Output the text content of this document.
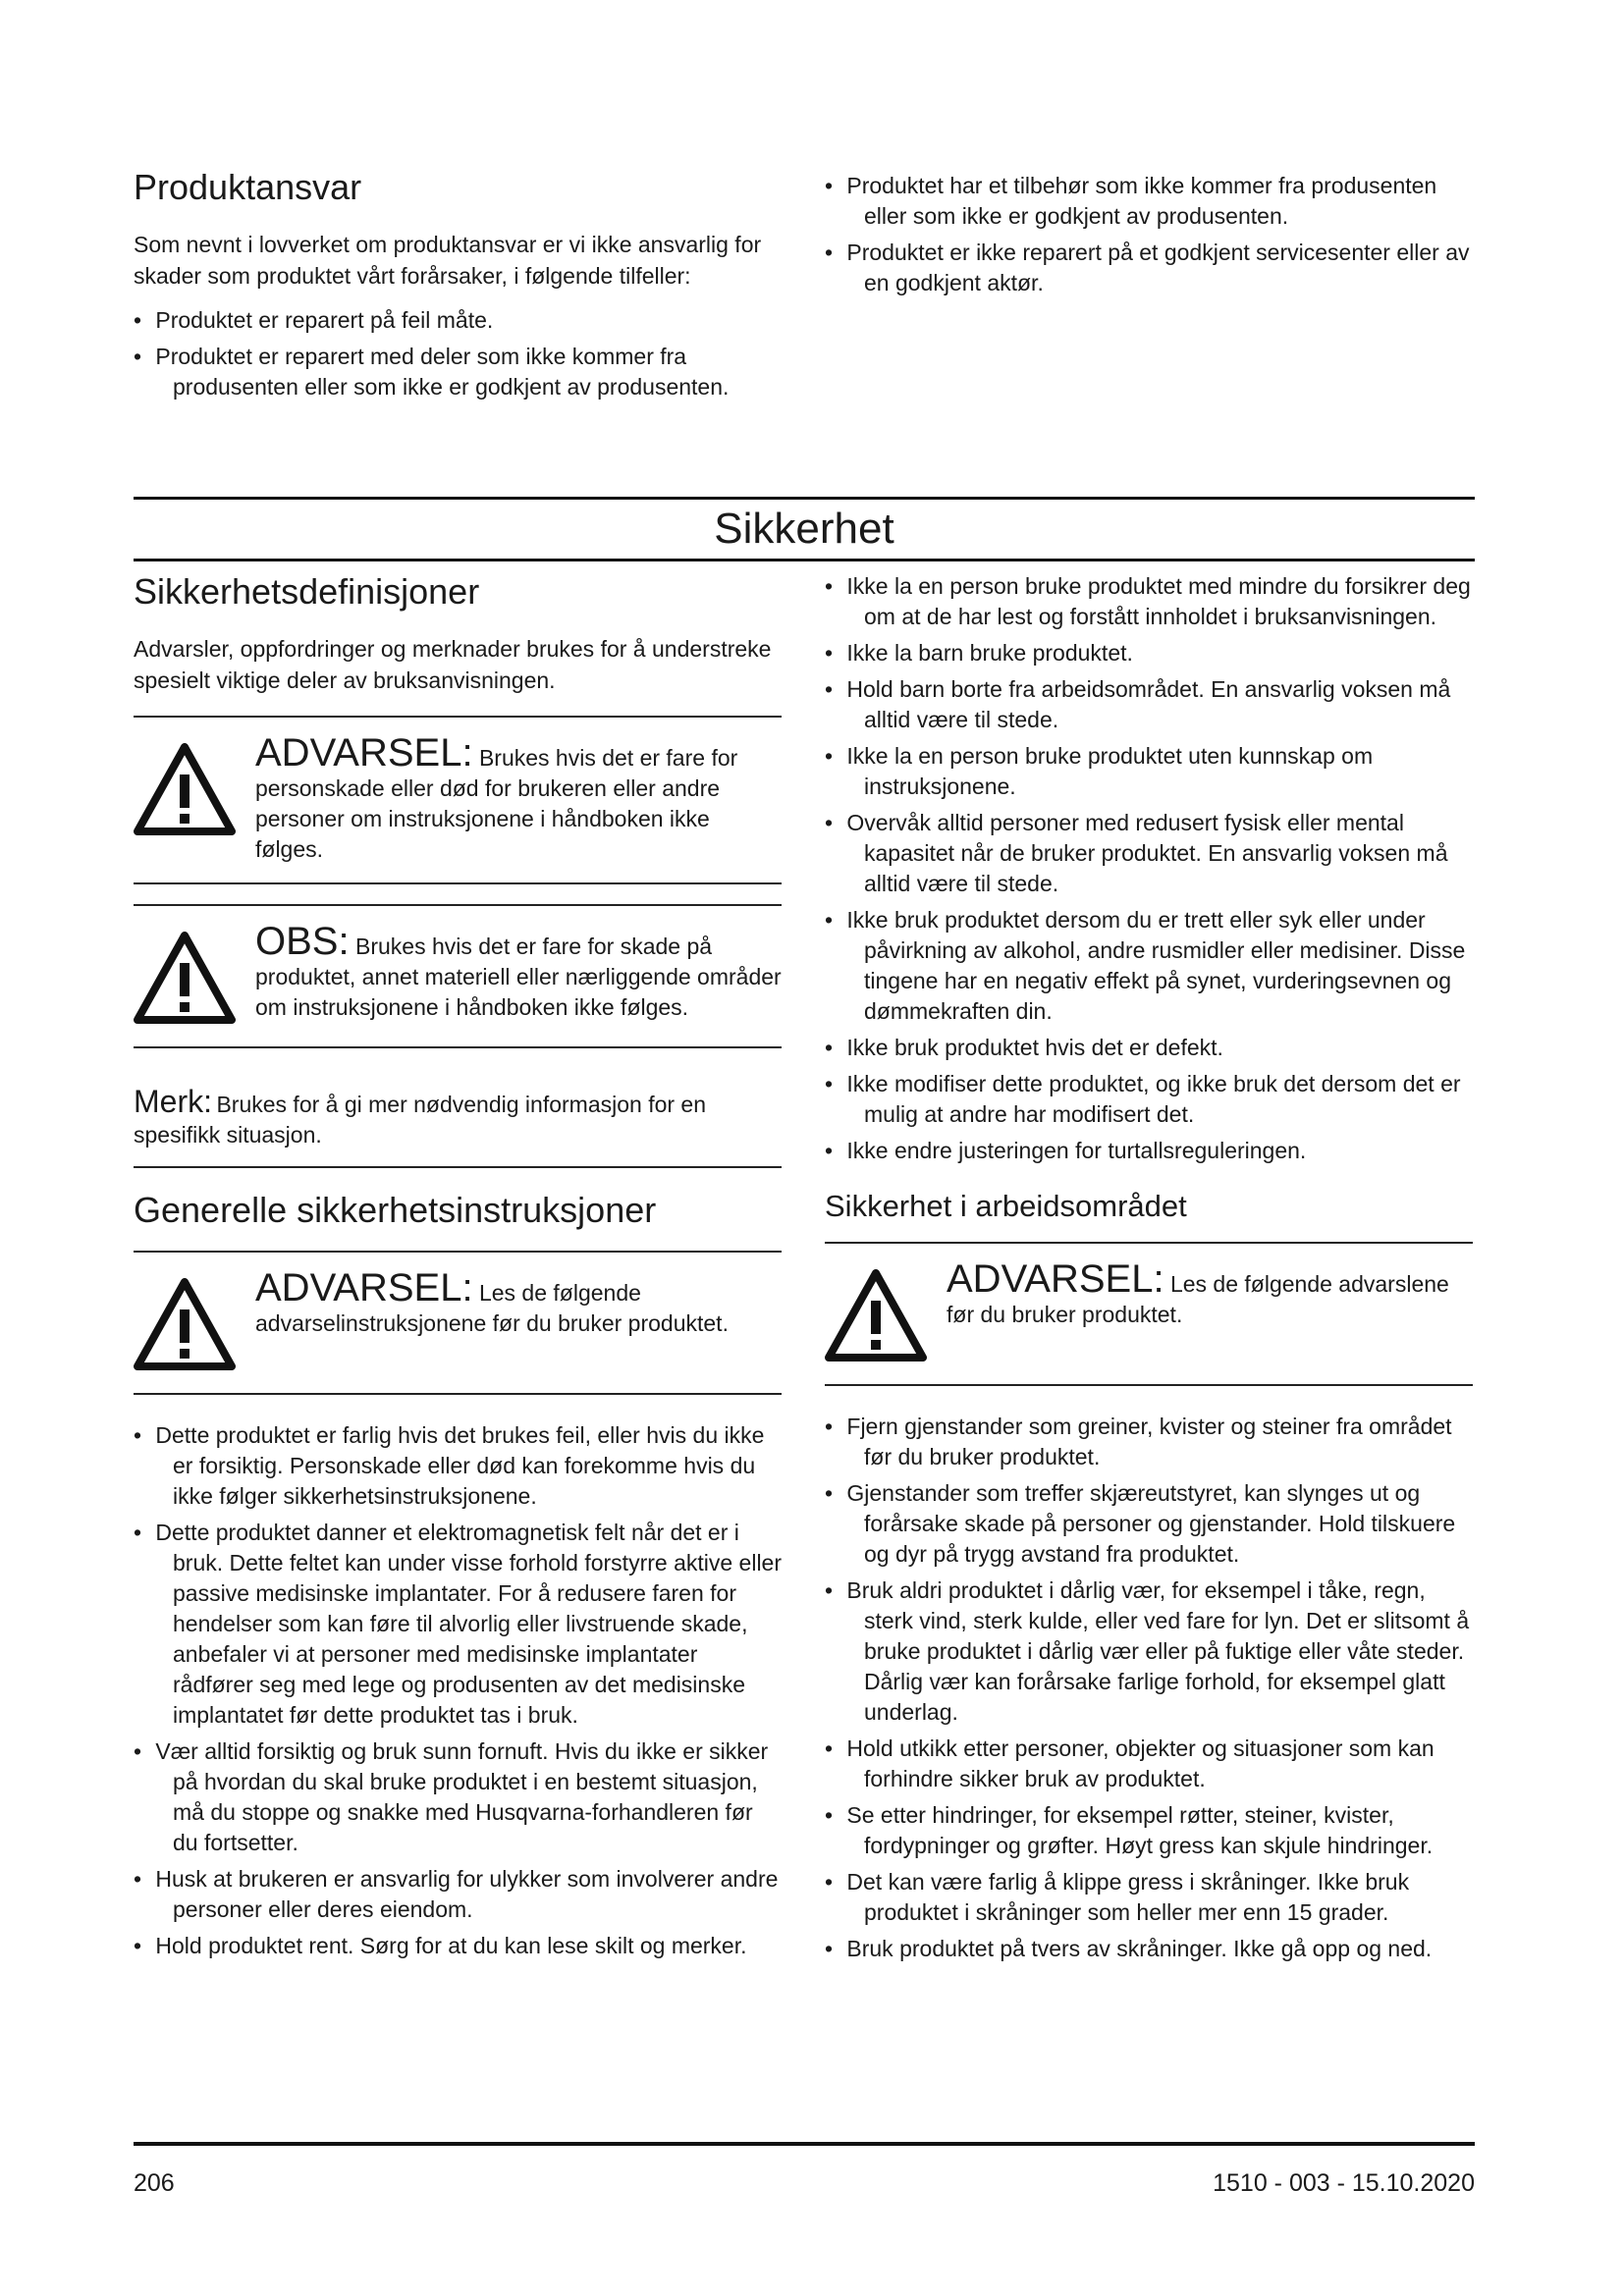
Produktansvar

Som nevnt i lovverket om produktansvar er vi ikke ansvarlig for skader som produktet vårt forårsaker, i følgende tilfeller:

• Produktet er reparert på feil måte.
• Produktet er reparert med deler som ikke kommer fra produsenten eller som ikke er godkjent av produsenten.
• Produktet har et tilbehør som ikke kommer fra produsenten eller som ikke er godkjent av produsenten.
• Produktet er ikke reparert på et godkjent servicesenter eller av en godkjent aktør.
Sikkerhet
Sikkerhetsdefinisjoner

Advarsler, oppfordringer og merknader brukes for å understreke spesielt viktige deler av bruksanvisningen.

ADVARSEL: Brukes hvis det er fare for personskade eller død for brukeren eller andre personer om instruksjonene i håndboken ikke følges.
OBS: Brukes hvis det er fare for skade på produktet, annet materiell eller nærliggende områder om instruksjonene i håndboken ikke følges.
Merk: Brukes for å gi mer nødvendig informasjon for en spesifikk situasjon.
Generelle sikkerhetsinstruksjoner
ADVARSEL: Les de følgende advarselinstruksjonene før du bruker produktet.
• Dette produktet er farlig hvis det brukes feil, eller hvis du ikke er forsiktig. Personskade eller død kan forekomme hvis du ikke følger sikkerhetsinstruksjonene.
• Dette produktet danner et elektromagnetisk felt når det er i bruk. Dette feltet kan under visse forhold forstyrre aktive eller passive medisinske implantater. For å redusere faren for hendelser som kan føre til alvorlig eller livstruende skade, anbefaler vi at personer med medisinske implantater rådfører seg med lege og produsenten av det medisinske implantatet før dette produktet tas i bruk.
• Vær alltid forsiktig og bruk sunn fornuft. Hvis du ikke er sikker på hvordan du skal bruke produktet i en bestemt situasjon, må du stoppe og snakke med Husqvarna-forhandleren før du fortsetter.
• Husk at brukeren er ansvarlig for ulykker som involverer andre personer eller deres eiendom.
• Hold produktet rent. Sørg for at du kan lese skilt og merker.
• Ikke la en person bruke produktet med mindre du forsikrer deg om at de har lest og forstått innholdet i bruksanvisningen.
• Ikke la barn bruke produktet.
• Hold barn borte fra arbeidsområdet. En ansvarlig voksen må alltid være til stede.
• Ikke la en person bruke produktet uten kunnskap om instruksjonene.
• Overvåk alltid personer med redusert fysisk eller mental kapasitet når de bruker produktet. En ansvarlig voksen må alltid være til stede.
• Ikke bruk produktet dersom du er trett eller syk eller under påvirkning av alkohol, andre rusmidler eller medisiner. Disse tingene har en negativ effekt på synet, vurderingsevnen og dømmekraften din.
• Ikke bruk produktet hvis det er defekt.
• Ikke modifiser dette produktet, og ikke bruk det dersom det er mulig at andre har modifisert det.
• Ikke endre justeringen for turtallsreguleringen.
Sikkerhet i arbeidsområdet
ADVARSEL: Les de følgende advarslene før du bruker produktet.
• Fjern gjenstander som greiner, kvister og steiner fra området før du bruker produktet.
• Gjenstander som treffer skjæreutstyret, kan slynges ut og forårsake skade på personer og gjenstander. Hold tilskuere og dyr på trygg avstand fra produktet.
• Bruk aldri produktet i dårlig vær, for eksempel i tåke, regn, sterk vind, sterk kulde, eller ved fare for lyn. Det er slitsomt å bruke produktet i dårlig vær eller på fuktige eller våte steder. Dårlig vær kan forårsake farlige forhold, for eksempel glatt underlag.
• Hold utkikk etter personer, objekter og situasjoner som kan forhindre sikker bruk av produktet.
• Se etter hindringer, for eksempel røtter, steiner, kvister, fordypninger og grøfter. Høyt gress kan skjule hindringer.
• Det kan være farlig å klippe gress i skråninger. Ikke bruk produktet i skråninger som heller mer enn 15 grader.
• Bruk produktet på tvers av skråninger. Ikke gå opp og ned.
206	1510 - 003 - 15.10.2020
